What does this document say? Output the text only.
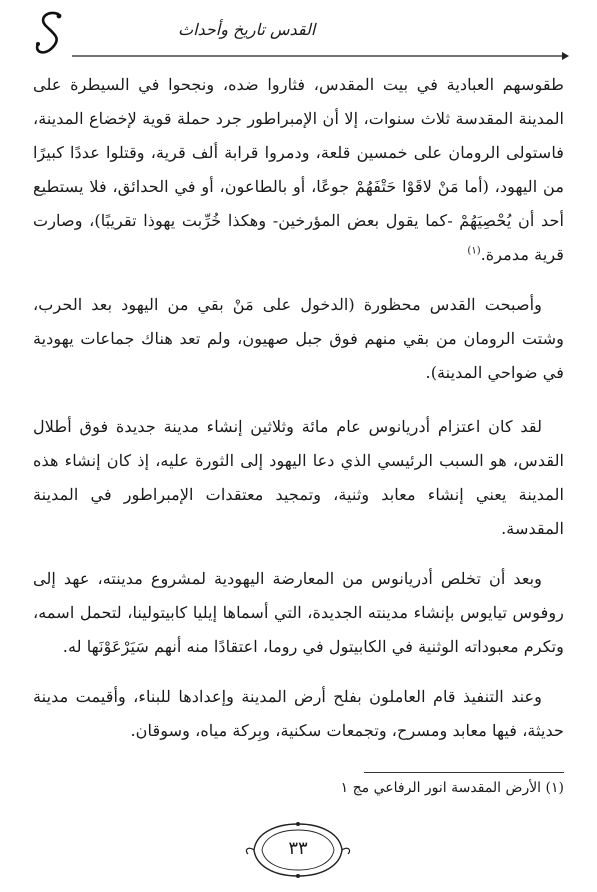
القدس تاريخ وأحداث

طقوسهم العبادية في بيت المقدس، فثاروا ضده، ونجحوا في السيطرة على المدينة المقدسة ثلاث سنوات، إلا أن الإمبراطور جرد حملة قوية لإخضاع المدينة، فاستولى الرومان على خمسين قلعة، ودمروا قرابة ألف قرية، وقتلوا عددًا كبيرًا من اليهود، (أما مَنْ لاقَوْا حَتْفَهُمْ جوعًا، أو بالطاعون، أو في الحدائق، فلا يستطيع أحد أن يُحْصِيَهُمْ -كما يقول بعض المؤرخين- وهكذا خُرِّبت يهوذا تقريبًا)، وصارت قرية مدمرة.$^{(١)}$

وأصبحت القدس محظورة (الدخول على مَنْ بقي من اليهود بعد الحرب، وشتت الرومان من بقي منهم فوق جبل صهيون، ولم تعد هناك جماعات يهودية في ضواحي المدينة).

لقد كان اعتزام أدريانوس عام مائة وثلاثين إنشاء مدينة جديدة فوق أطلال القدس، هو السبب الرئيسي الذي دعا اليهود إلى الثورة عليه، إذ كان إنشاء هذه المدينة يعني إنشاء معابد وثنية، وتمجيد معتقدات الإمبراطور في المدينة المقدسة.

وبعد أن تخلص أدريانوس من المعارضة اليهودية لمشروع مدينته، عهد إلى روفوس تيايوس بإنشاء مدينته الجديدة، التي أسماها إيليا كابيتولينا، لتحمل اسمه، وتكرم معبوداته الوثنية في الكابيتول في روما، اعتقادًا منه أنهم سَيَرْعَوْنَها له.

وعند التنفيذ قام العاملون بفلح أرض المدينة وإعدادها للبناء، وأقيمت مدينة حديثة، فيها معابد ومسرح، وتجمعات سكنية، وبِركة مياه، وسوقان.

(١) الأرض المقدسة انور الرفاعي مج ١
٣٣
